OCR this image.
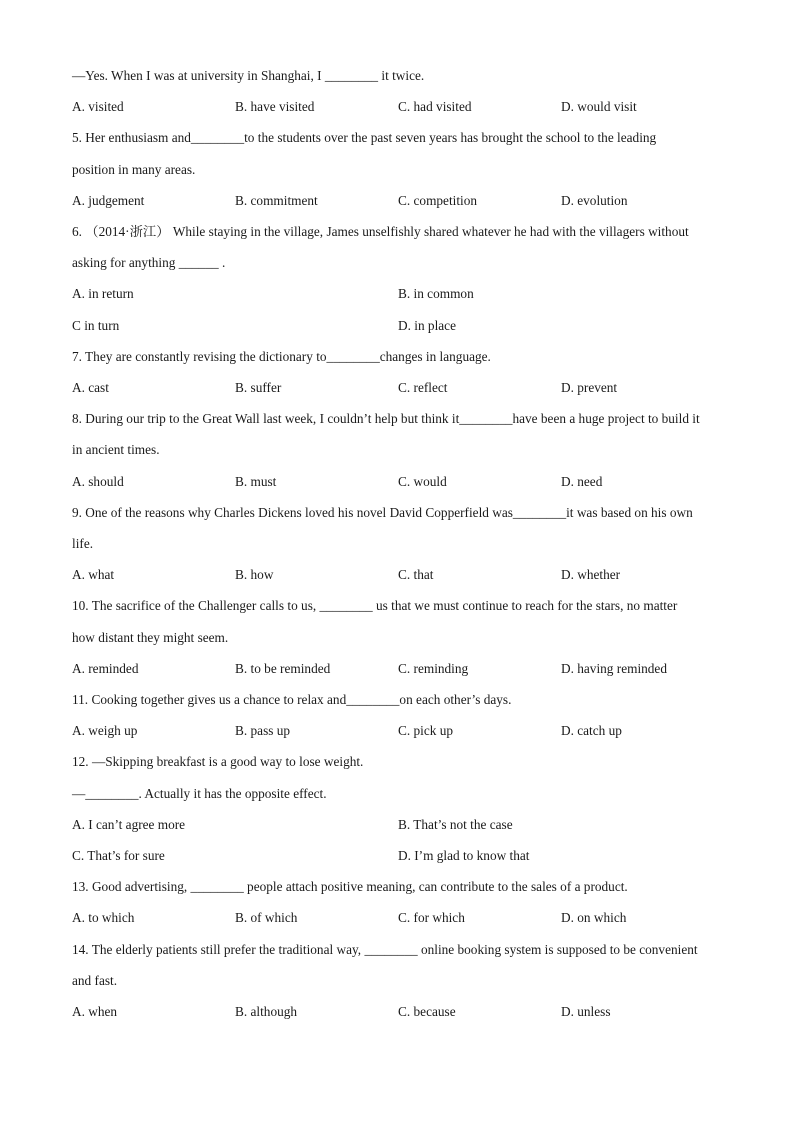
—Yes. When I was at university in Shanghai, I ________ it twice.
A. visited	B. have visited	C. had visited	D. would visit
5. Her enthusiasm and________to the students over the past seven years has brought the school to the leading
position in many areas.
A. judgement	B. commitment	C. competition	D. evolution
6. （2014·浙江） While staying in the village, James unselfishly shared whatever he had with the villagers without
asking for anything ______ .
A. in return	B. in common
C in turn	D. in place
7. They are constantly revising the dictionary to________changes in language.
A. cast	B. suffer	C. reflect	D. prevent
8. During our trip to the Great Wall last week, I couldn’t help but think it________have been a huge project to build it
in ancient times.
A. should	B. must	C. would	D. need
9. One of the reasons why Charles Dickens loved his novel David Copperfield was________it was based on his own
life.
A. what	B. how	C. that	D. whether
10. The sacrifice of the Challenger calls to us, ________ us that we must continue to reach for the stars, no matter
how distant they might seem.
A. reminded	B. to be reminded	C. reminding	D. having reminded
11. Cooking together gives us a chance to relax and________on each other’s days.
A. weigh up	B. pass up	C. pick up	D. catch up
12. —Skipping breakfast is a good way to lose weight.
—________. Actually it has the opposite effect.
A. I can’t agree more	B. That’s not the case
C. That’s for sure	D. I’m glad to know that
13. Good advertising, ________ people attach positive meaning, can contribute to the sales of a product.
A. to which	B. of which	C. for which	D. on which
14. The elderly patients still prefer the traditional way, ________ online booking system is supposed to be convenient
and fast.
A. when	B. although	C. because	D. unless
